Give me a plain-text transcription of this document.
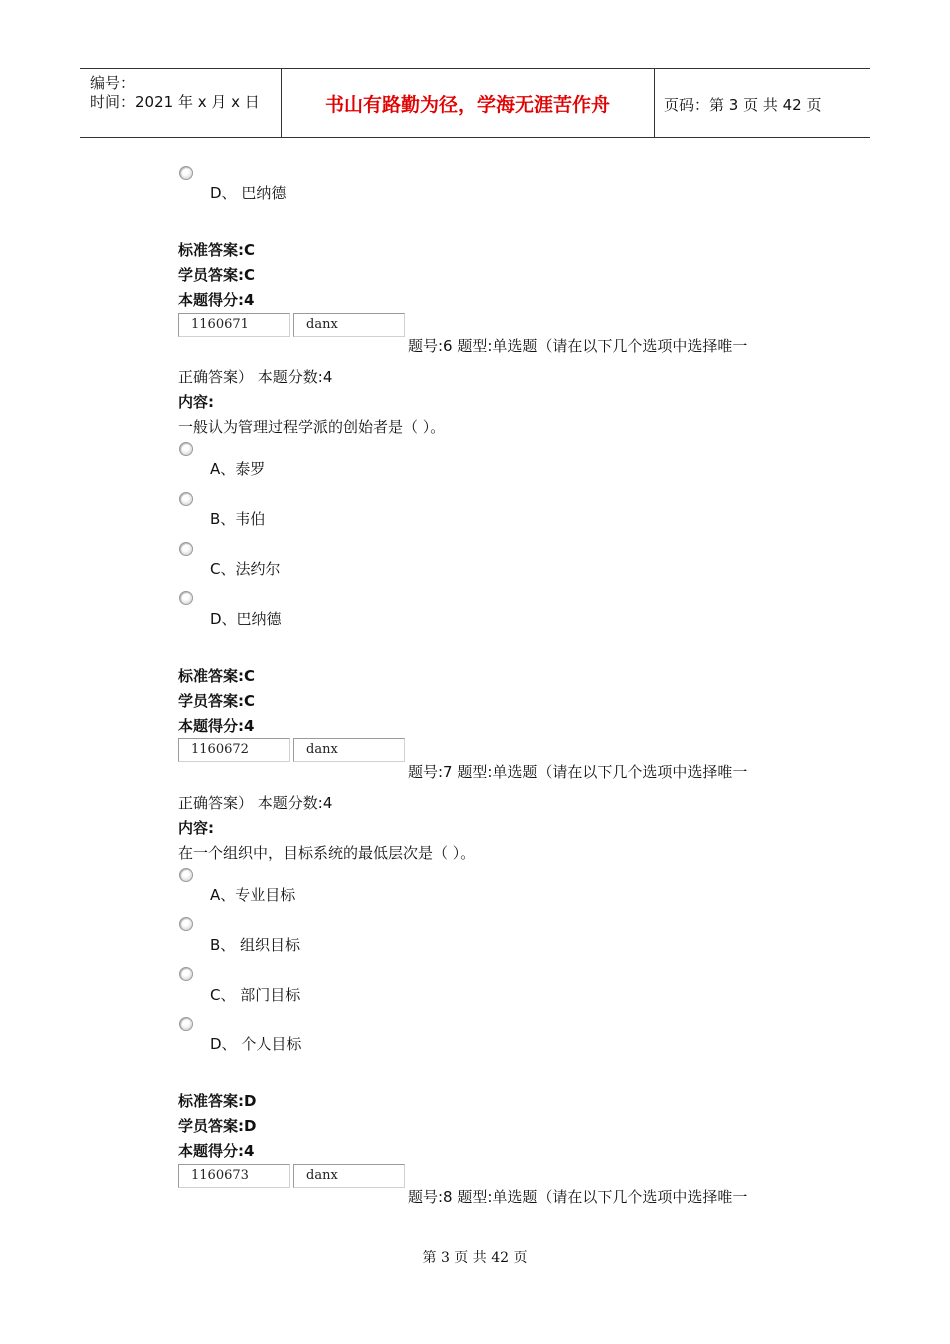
编号：
时间：2021 年 x 月 x 日	书山有路勤为径，学海无涯苦作舟	页码：第 3 页 共 42 页
D、 巴纳德
标准答案:C
学员答案:C
本题得分:4
1160671	danx
题号:6 题型:单选题（请在以下几个选项中选择唯一
正确答案） 本题分数:4
内容:
一般认为管理过程学派的创始者是（ ）。
A、泰罗
B、韦伯
C、法约尔
D、巴纳德
标准答案:C
学员答案:C
本题得分:4
1160672	danx
题号:7 题型:单选题（请在以下几个选项中选择唯一
正确答案） 本题分数:4
内容:
在一个组织中，目标系统的最低层次是（ ）。
A、专业目标
B、 组织目标
C、 部门目标
D、 个人目标
标准答案:D
学员答案:D
本题得分:4
1160673	danx
题号:8 题型:单选题（请在以下几个选项中选择唯一
第 3 页 共 42 页
